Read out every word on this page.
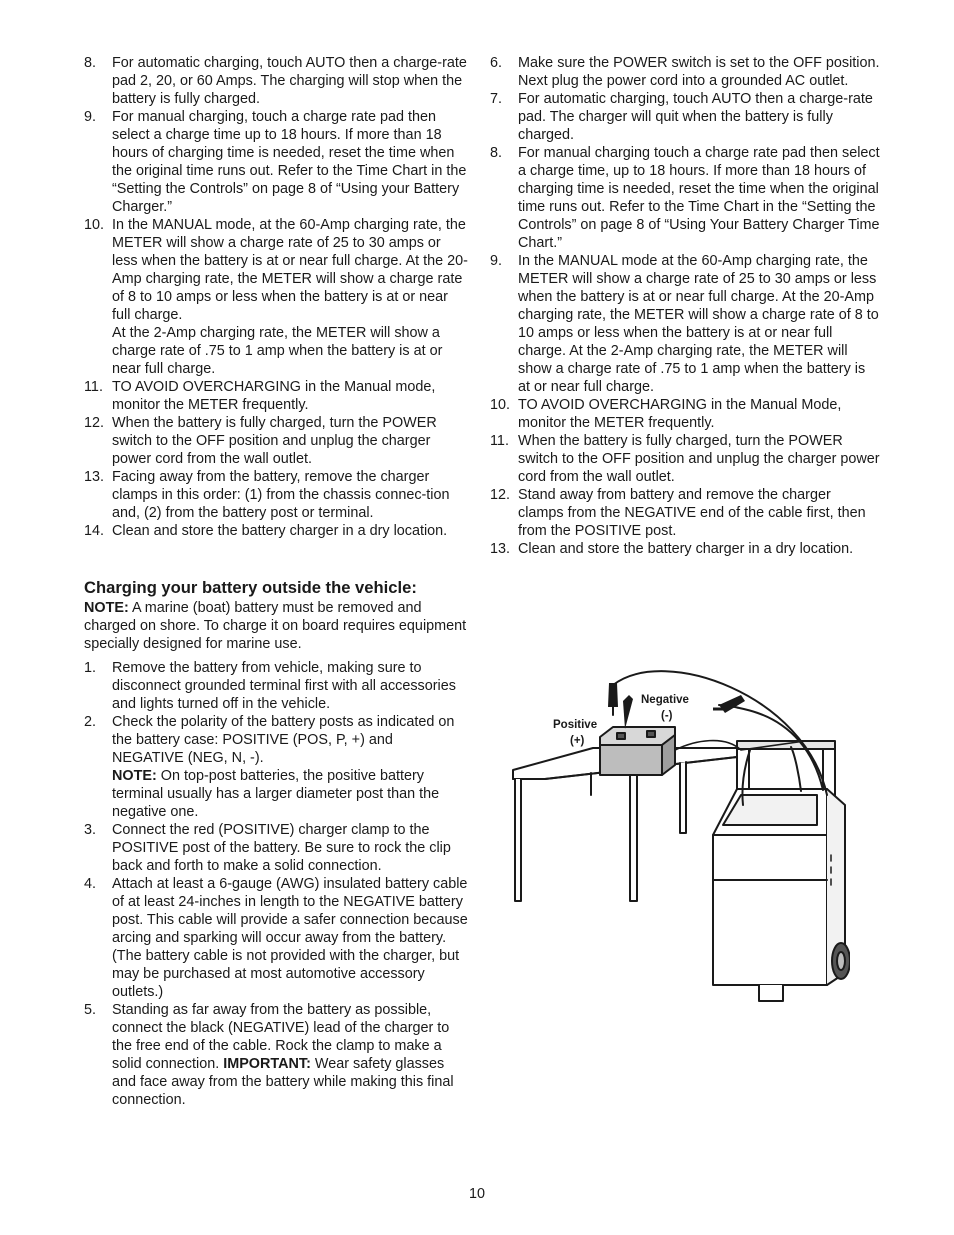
8. For automatic charging, touch AUTO then a charge-rate pad 2, 20, or 60 Amps. The charging will stop when the battery is fully charged.
9. For manual charging, touch a charge rate pad then select a charge time up to 18 hours. If more than 18 hours of charging time is needed, reset the time when the original time runs out. Refer to the Time Chart in the “Setting the Controls” on page 8 of “Using your Battery Charger.”
10. In the MANUAL mode, at the 60-Amp charging rate, the METER will show a charge rate of 25 to 30 amps or less when the battery is at or near full charge. At the 20-Amp charging rate, the METER will show a charge rate of 8 to 10 amps or less when the battery is at or near full charge.
At the 2-Amp charging rate, the METER will show a charge rate of .75 to 1 amp when the battery is at or near full charge.
11. TO AVOID OVERCHARGING in the Manual mode, monitor the METER frequently.
12. When the battery is fully charged, turn the POWER switch to the OFF position and unplug the charger power cord from the wall outlet.
13. Facing away from the battery, remove the charger clamps in this order: (1) from the chassis connec-tion and, (2) from the battery post or terminal.
14. Clean and store the battery charger in a dry location.
Charging your battery outside the vehicle:

NOTE: A marine (boat) battery must be removed and charged on shore. To charge it on board requires equipment specially designed for marine use.

1. Remove the battery from vehicle, making sure to disconnect grounded terminal first with all accessories and lights turned off in the vehicle.
2. Check the polarity of the battery posts as indicated on the battery case: POSITIVE (POS, P, +) and NEGATIVE (NEG, N, -).
NOTE: On top-post batteries, the positive battery terminal usually has a larger diameter post than the negative one.
3. Connect the red (POSITIVE) charger clamp to the POSITIVE post of the battery. Be sure to rock the clip back and forth to make a solid connection.
4. Attach at least a 6-gauge (AWG) insulated battery cable of at least 24-inches in length to the NEGATIVE battery post. This cable will provide a safer connection because arcing and sparking will occur away from the battery. (The battery cable is not provided with the charger, but may be purchased at most automotive accessory outlets.)
5. Standing as far away from the battery as possible, connect the black (NEGATIVE) lead of the charger to the free end of the cable. Rock the clamp to make a solid connection. IMPORTANT: Wear safety glasses and face away from the battery while making this final connection.
6. Make sure the POWER switch is set to the OFF position. Next plug the power cord into a grounded AC outlet.
7. For automatic charging, touch AUTO then a charge-rate pad. The charger will quit when the battery is fully charged.
8. For manual charging touch a charge rate pad then select a charge time, up to 18 hours. If more than 18 hours of charging time is needed, reset the time when the original time runs out. Refer to the Time Chart in the “Setting the Controls” on page 8 of “Using Your Battery Charger Time Chart.”
9. In the MANUAL mode at the 60-Amp charging rate, the METER will show a charge rate of 25 to 30 amps or less when the battery is at or near full charge. At the 20-Amp charging rate, the METER will show a charge rate of 8 to 10 amps or less when the battery is at or near full charge. At the 2-Amp charging rate, the METER will show a charge rate of .75 to 1 amp when the battery is at or near full charge.
10. TO AVOID OVERCHARGING in the Manual Mode, monitor the METER frequently.
11. When the battery is fully charged, turn the POWER switch to the OFF position and unplug the charger power cord from the wall outlet.
12. Stand away from battery and remove the charger clamps from the NEGATIVE end of the cable first, then from the POSITIVE post.
13. Clean and store the battery charger in a dry location.
Positive
(+)
Negative
(-)
10
